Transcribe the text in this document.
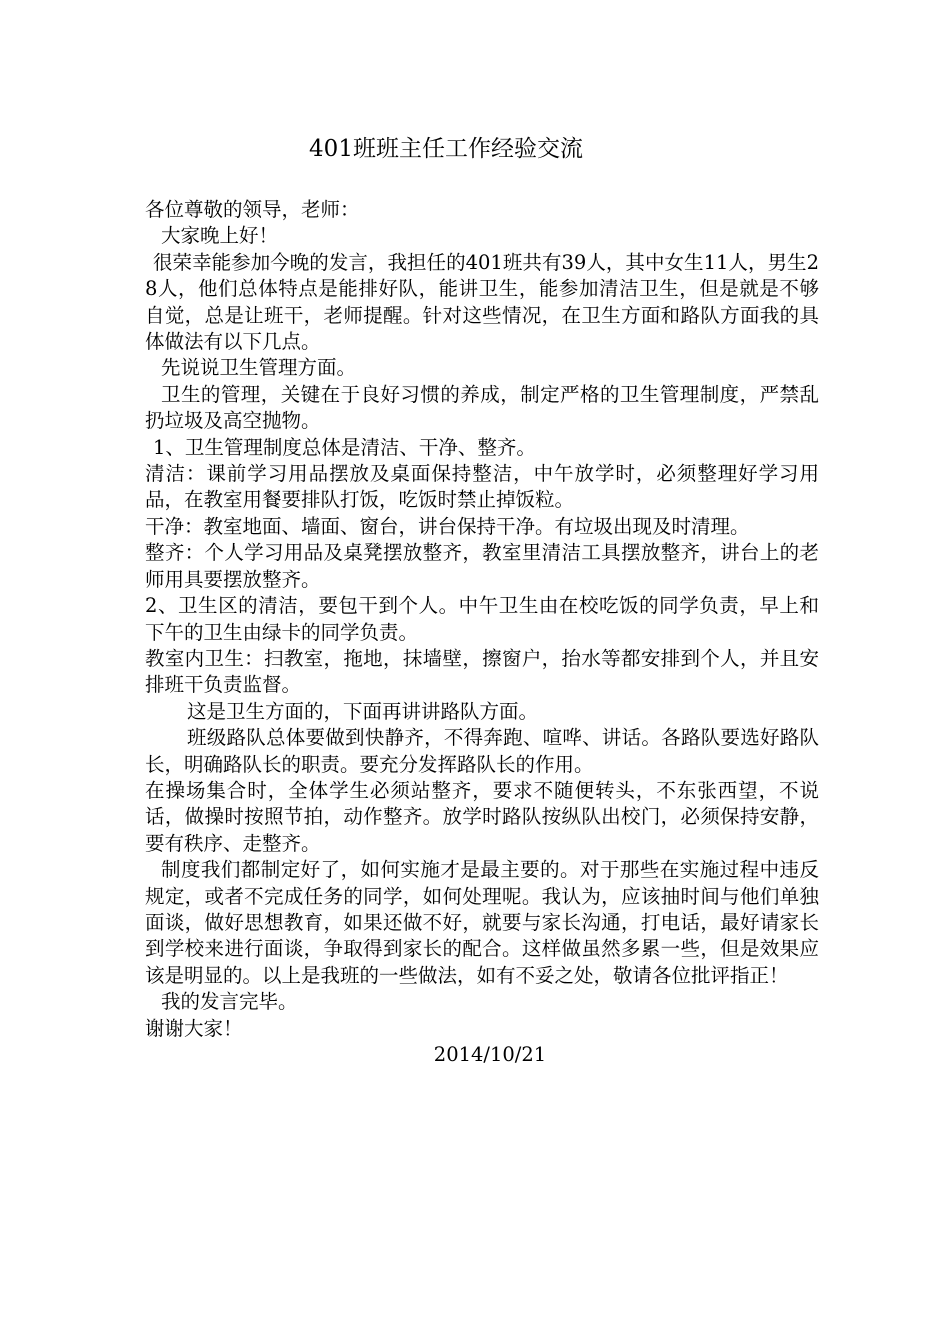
401班班主任工作经验交流

各位尊敬的领导，老师：

大家晚上好！

很荣幸能参加今晚的发言，我担任的401班共有39人，其中女生11人，男生28人，他们总体特点是能排好队，能讲卫生，能参加清洁卫生，但是就是不够自觉，总是让班干，老师提醒。针对这些情况，在卫生方面和路队方面我的具体做法有以下几点。

先说说卫生管理方面。

卫生的管理，关键在于良好习惯的养成，制定严格的卫生管理制度，严禁乱扔垃圾及高空抛物。

1、卫生管理制度总体是清洁、干净、整齐。

清洁：课前学习用品摆放及桌面保持整洁，中午放学时，必须整理好学习用品，在教室用餐要排队打饭，吃饭时禁止掉饭粒。

干净：教室地面、墙面、窗台，讲台保持干净。有垃圾出现及时清理。

整齐：个人学习用品及桌凳摆放整齐，教室里清洁工具摆放整齐，讲台上的老师用具要摆放整齐。

2、卫生区的清洁，要包干到个人。中午卫生由在校吃饭的同学负责，早上和下午的卫生由绿卡的同学负责。

教室内卫生：扫教室，拖地，抹墙壁，擦窗户，抬水等都安排到个人，并且安排班干负责监督。

这是卫生方面的，下面再讲讲路队方面。

班级路队总体要做到快静齐，不得奔跑、喧哗、讲话。各路队要选好路队长，明确路队长的职责。要充分发挥路队长的作用。

在操场集合时，全体学生必须站整齐，要求不随便转头，不东张西望，不说话，做操时按照节拍，动作整齐。放学时路队按纵队出校门，必须保持安静，要有秩序、走整齐。

制度我们都制定好了，如何实施才是最主要的。对于那些在实施过程中违反规定，或者不完成任务的同学，如何处理呢。我认为，应该抽时间与他们单独面谈，做好思想教育，如果还做不好，就要与家长沟通，打电话，最好请家长到学校来进行面谈，争取得到家长的配合。这样做虽然多累一些，但是效果应该是明显的。以上是我班的一些做法，如有不妥之处，敬请各位批评指正！

我的发言完毕。

谢谢大家！

2014/10/21
